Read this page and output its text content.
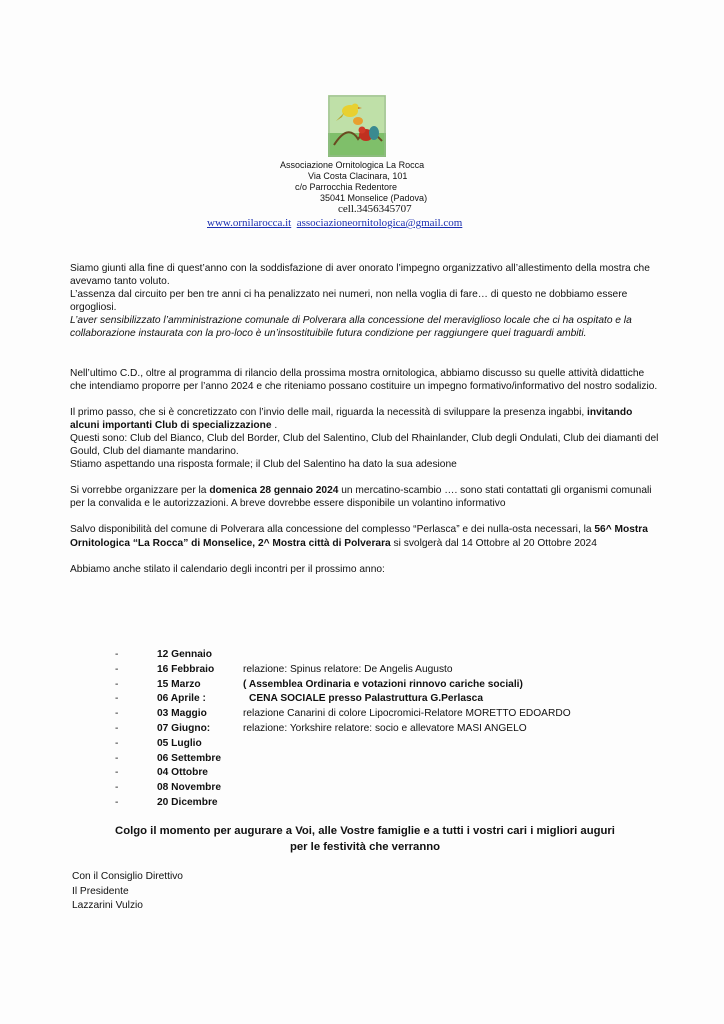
Associazione Ornitologica La Rocca
Via Costa Clacinara, 101
c/o Parrocchia Redentore
35041 Monselice (Padova)
cell.3456345707
www.ornilarocca.it associazioneornitologica@gmail.com

Siamo giunti alla fine di quest’anno con la soddisfazione di aver onorato l’impegno organizzativo all’allestimento della mostra che avevamo tanto voluto.

L’assenza dal circuito per ben tre anni ci ha penalizzato nei numeri, non nella voglia di fare… di questo ne dobbiamo essere orgogliosi.

L’aver sensibilizzato l’amministrazione comunale di Polverara alla concessione del meraviglioso locale che ci ha ospitato e la collaborazione instaurata con la pro-loco è un’insostituibile futura condizione per raggiungere quei traguardi ambiti.

Nell’ultimo C.D., oltre al programma di rilancio della prossima mostra ornitologica, abbiamo discusso su quelle attività didattiche che intendiamo proporre per l’anno 2024 e che riteniamo possano costituire un impegno formativo/informativo del nostro sodalizio.

Il primo passo, che si è concretizzato con l’invio delle mail, riguarda la necessità di sviluppare la presenza ingabbi, invitando alcuni importanti Club di specializzazione .
Questi sono: Club del Bianco, Club del Border, Club del Salentino, Club del Rhainlander, Club degli Ondulati, Club dei diamanti del Gould, Club del diamante mandarino.
Stiamo aspettando una risposta formale; il Club del Salentino ha dato la sua adesione

Si vorrebbe organizzare per la domenica 28 gennaio 2024 un mercatino-scambio …. sono stati contattati gli organismi comunali per la convalida e le autorizzazioni. A breve dovrebbe essere disponibile un volantino informativo

Salvo disponibilità del comune di Polverara alla concessione del complesso “Perlasca” e dei nulla-osta necessari, la 56^ Mostra Ornitologica “La Rocca” di Monselice, 2^ Mostra città di Polverara si svolgerà dal 14 Ottobre al 20 Ottobre 2024

Abbiamo anche stilato il calendario degli incontri per il prossimo anno:

-	12 Gennaio
-	16 Febbraio	relazione: Spinus relatore: De Angelis Augusto
-	15 Marzo	( Assemblea Ordinaria e votazioni rinnovo cariche sociali)
-	06 Aprile :	CENA SOCIALE presso Palastruttura G.Perlasca
-	03 Maggio	relazione Canarini di colore Lipocromici-Relatore MORETTO EDOARDO
-	07 Giugno:	relazione: Yorkshire relatore: socio e allevatore MASI ANGELO
-	05 Luglio
-	06 Settembre
-	04 Ottobre
-	08 Novembre
-	20 Dicembre
Colgo il momento per augurare a Voi, alle Vostre famiglie e a tutti i vostri cari i migliori auguri
per le festività che verranno
Con il Consiglio Direttivo
Il Presidente
Lazzarini Vulzio
